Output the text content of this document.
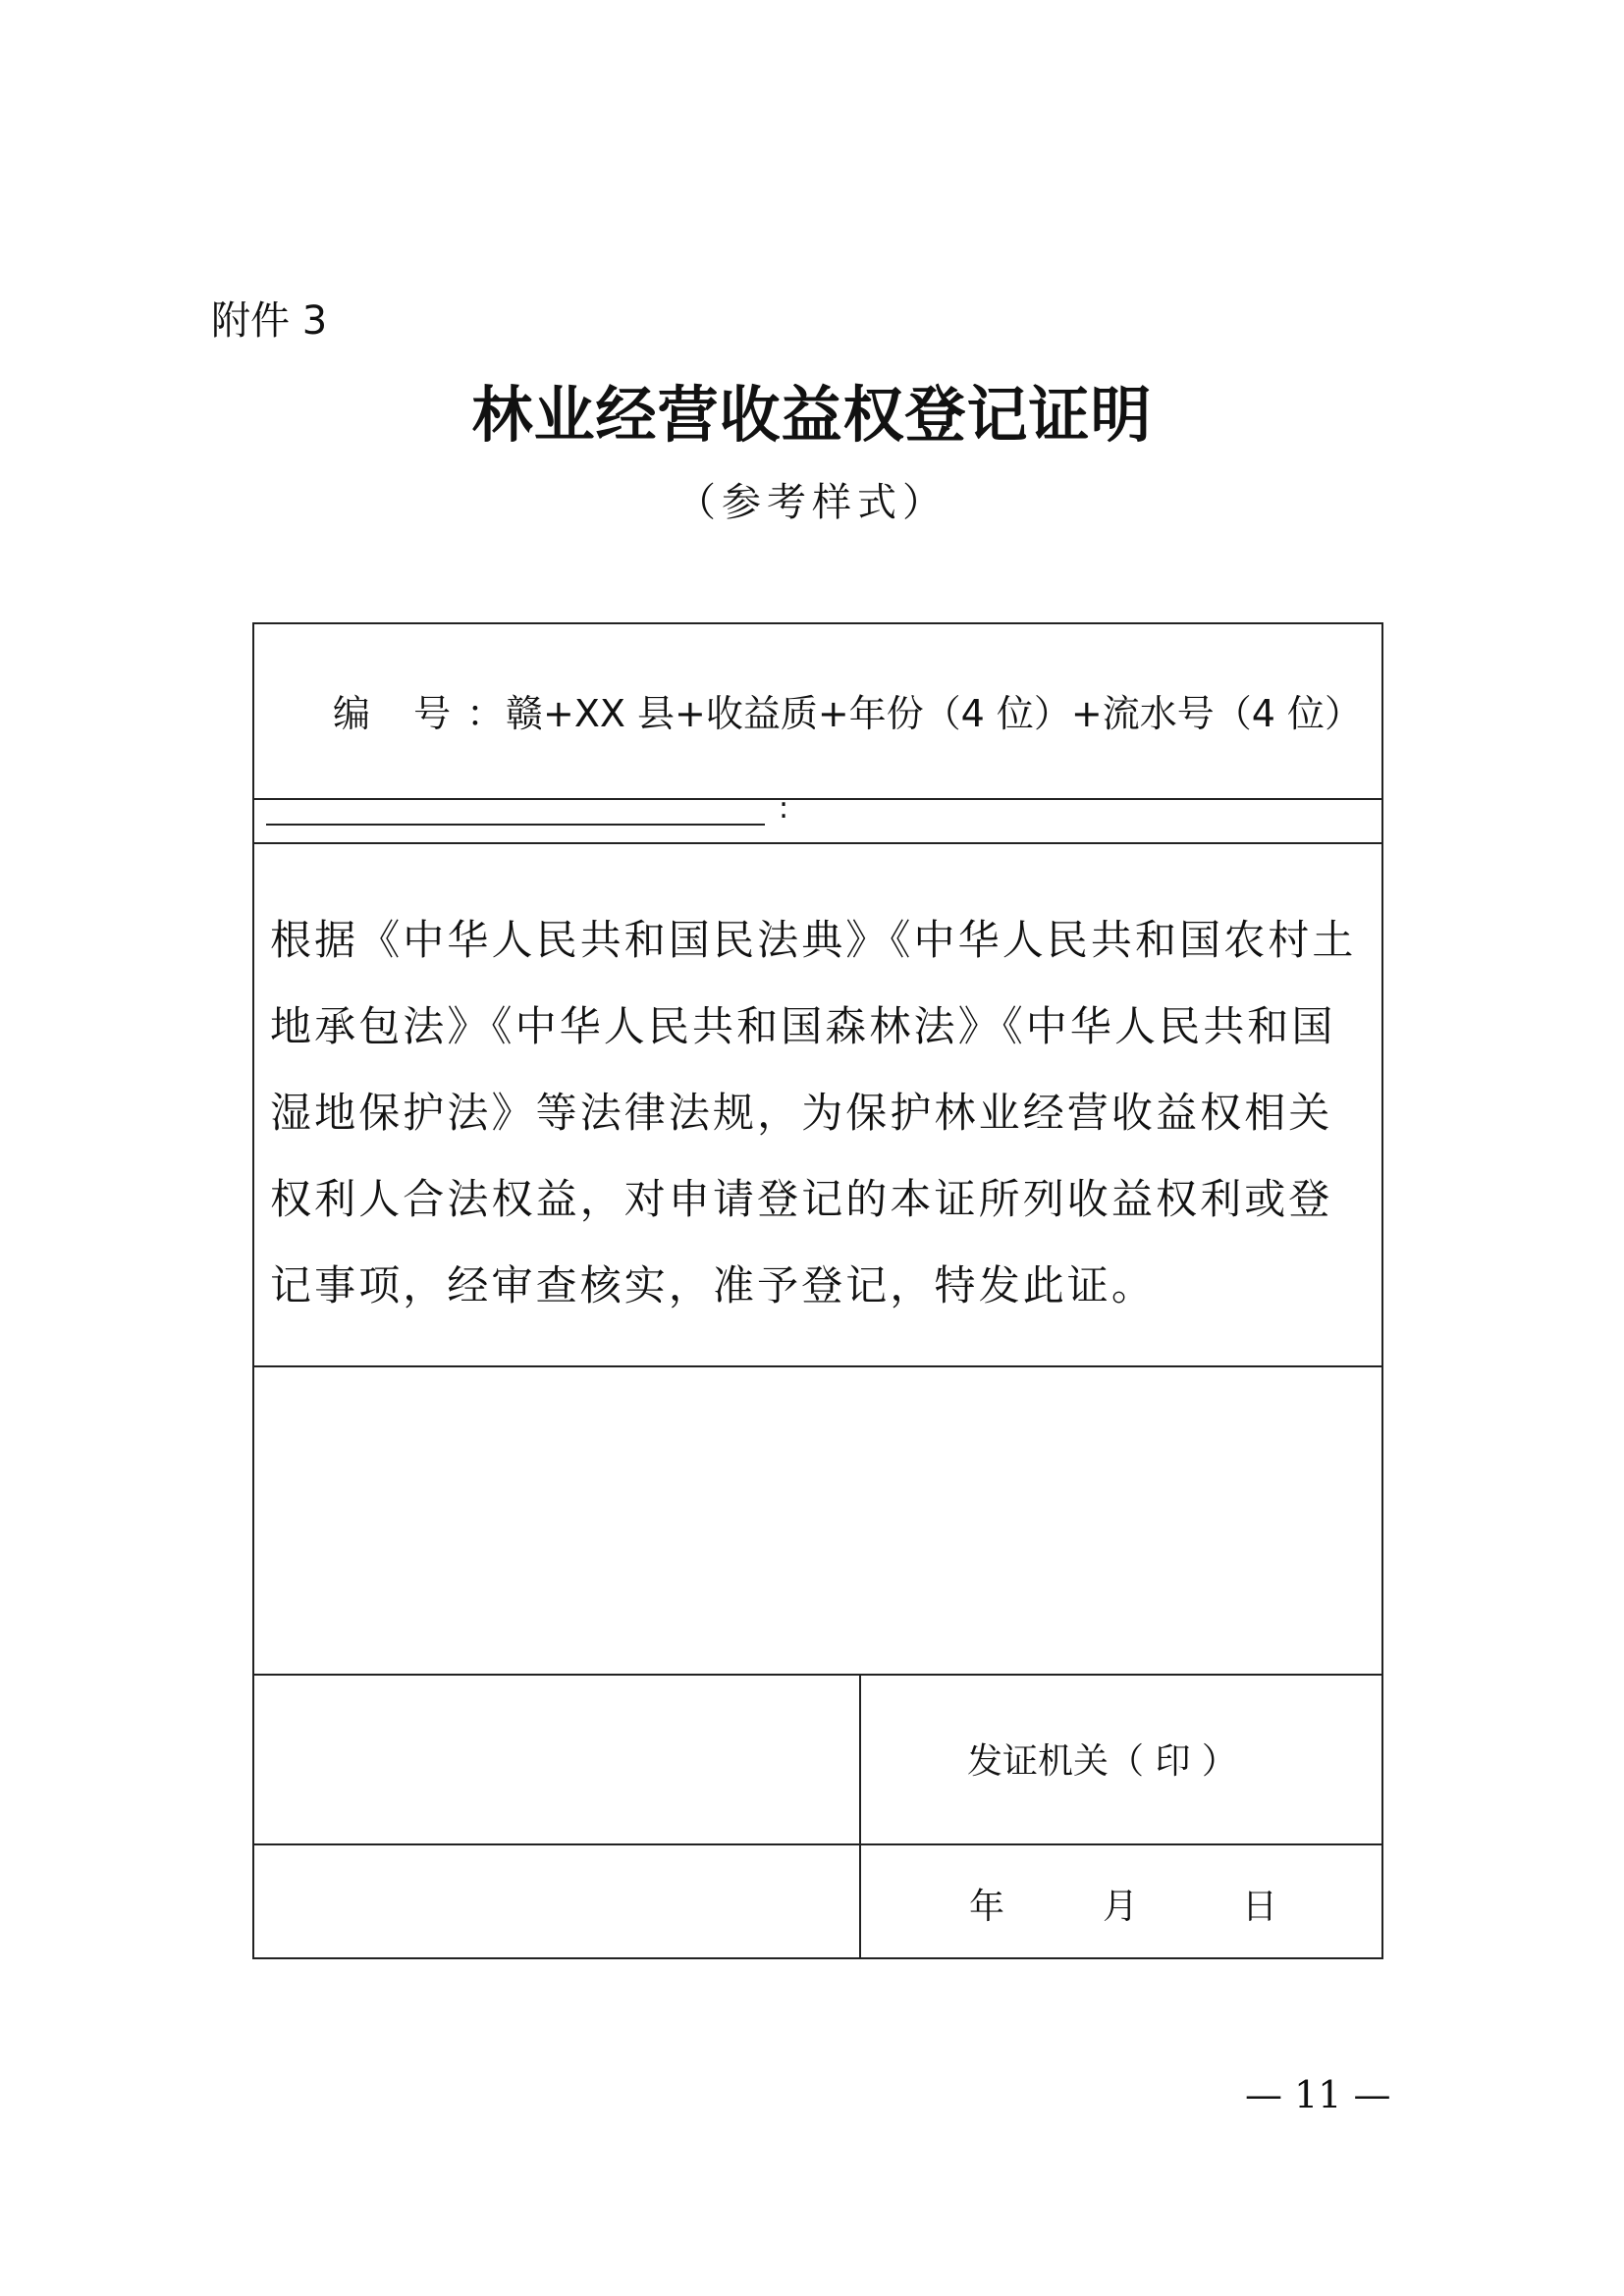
附件 3
林业经营收益权登记证明
（参考样式）
编 号：赣+XX 县+收益质+年份（4 位）+流水号（4 位）
:
根据《中华人民共和国民法典》《中华人民共和国农村土地承包法》《中华人民共和国森林法》《中华人民共和国湿地保护法》等法律法规，为保护林业经营收益权相关权利人合法权益，对申请登记的本证所列收益权利或登记事项，经审查核实，准予登记，特发此证。
发证机关（ 印 ）
年	月	日
— 11 —
